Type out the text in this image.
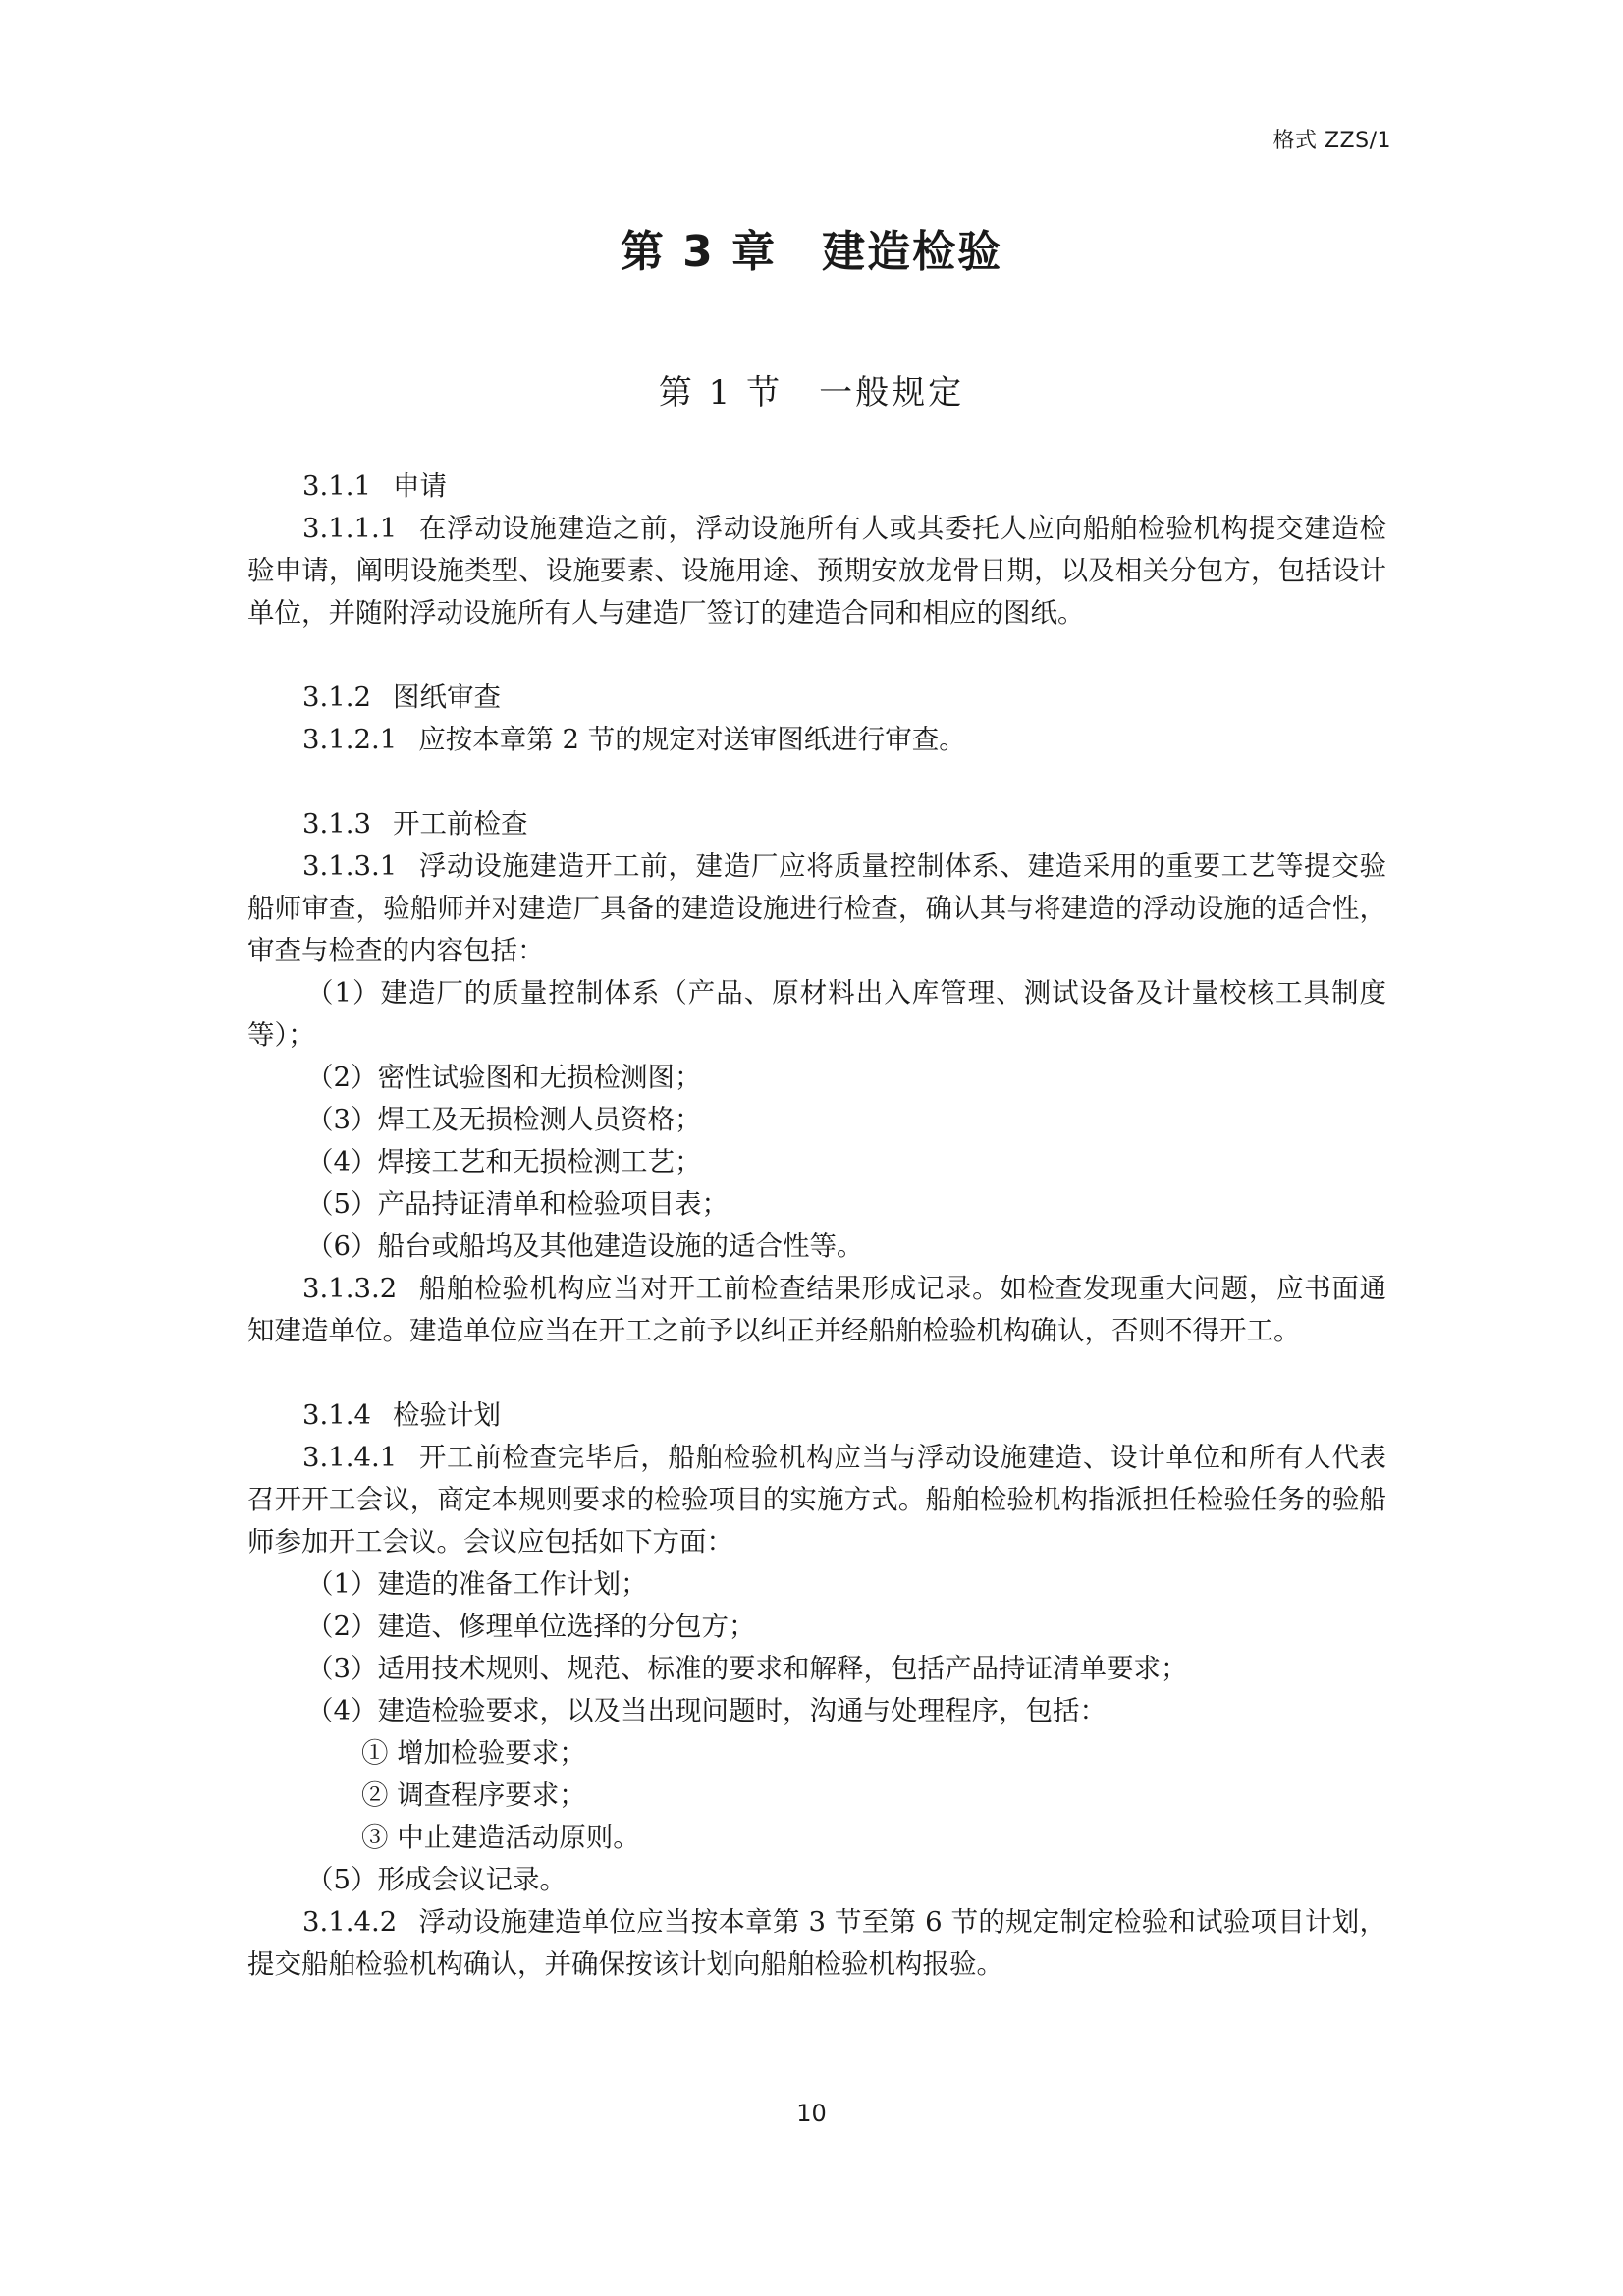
格式 ZZS/1
第 3 章　建造检验
第 1 节　一般规定

3.1.1 申请

3.1.1.1 在浮动设施建造之前，浮动设施所有人或其委托人应向船舶检验机构提交建造检验申请，阐明设施类型、设施要素、设施用途、预期安放龙骨日期，以及相关分包方，包括设计单位，并随附浮动设施所有人与建造厂签订的建造合同和相应的图纸。

3.1.2 图纸审查

3.1.2.1 应按本章第 2 节的规定对送审图纸进行审查。

3.1.3 开工前检查

3.1.3.1 浮动设施建造开工前，建造厂应将质量控制体系、建造采用的重要工艺等提交验船师审查，验船师并对建造厂具备的建造设施进行检查，确认其与将建造的浮动设施的适合性，审查与检查的内容包括：

（1）建造厂的质量控制体系（产品、原材料出入库管理、测试设备及计量校核工具制度等）；

（2）密性试验图和无损检测图；

（3）焊工及无损检测人员资格；

（4）焊接工艺和无损检测工艺；

（5）产品持证清单和检验项目表；

（6）船台或船坞及其他建造设施的适合性等。

3.1.3.2 船舶检验机构应当对开工前检查结果形成记录。如检查发现重大问题，应书面通知建造单位。建造单位应当在开工之前予以纠正并经船舶检验机构确认，否则不得开工。

3.1.4 检验计划

3.1.4.1 开工前检查完毕后，船舶检验机构应当与浮动设施建造、设计单位和所有人代表召开开工会议，商定本规则要求的检验项目的实施方式。船舶检验机构指派担任检验任务的验船师参加开工会议。会议应包括如下方面：

（1）建造的准备工作计划；

（2）建造、修理单位选择的分包方；

（3）适用技术规则、规范、标准的要求和解释，包括产品持证清单要求；

（4）建造检验要求，以及当出现问题时，沟通与处理程序，包括：

① 增加检验要求；

② 调查程序要求；

③ 中止建造活动原则。

（5）形成会议记录。

3.1.4.2 浮动设施建造单位应当按本章第 3 节至第 6 节的规定制定检验和试验项目计划，提交船舶检验机构确认，并确保按该计划向船舶检验机构报验。

10
